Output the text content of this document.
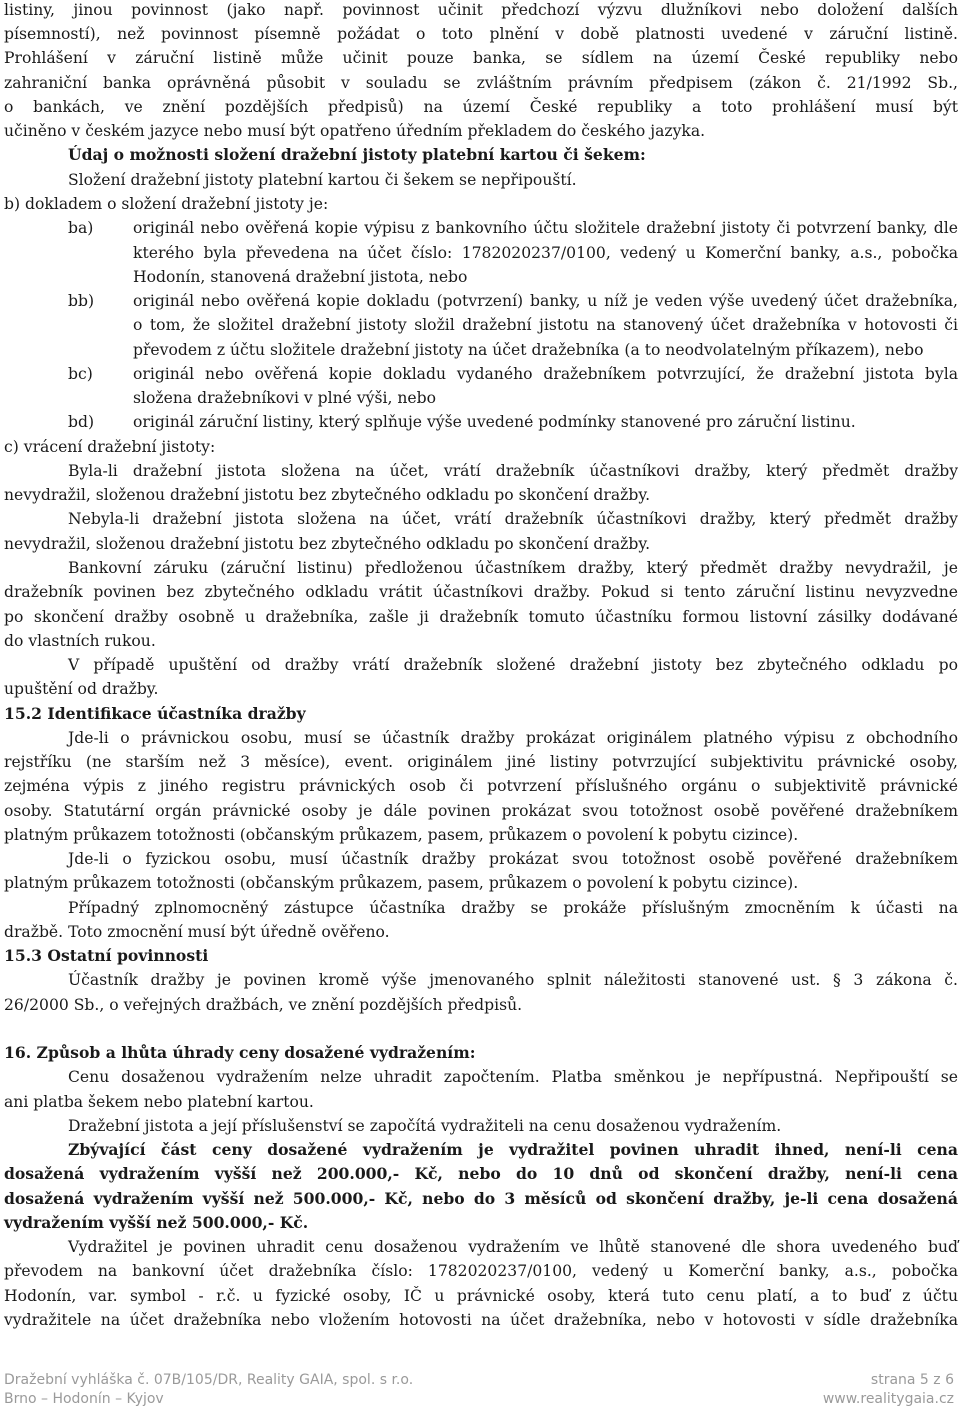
listiny, jinou povinnost (jako např. povinnost učinit předchozí výzvu dlužníkovi nebo doložení dalších
písemností), než povinnost písemně požádat o toto plnění v době platnosti uvedené v záruční listině.
Prohlášení v záruční listině může učinit pouze banka, se sídlem na území České republiky nebo
zahraniční banka oprávněná působit v souladu se zvláštním právním předpisem (zákon č. 21/1992 Sb.,
o bankách, ve znění pozdějších předpisů) na území České republiky a toto prohlášení musí být
učiněno v českém jazyce nebo musí být opatřeno úředním překladem do českého jazyka.
Údaj o možnosti složení dražební jistoty platební kartou či šekem:
Složení dražební jistoty platební kartou či šekem se nepřipouští.
b) dokladem o složení dražební jistoty je:
originál nebo ověřená kopie výpisu z bankovního účtu složitele dražební jistoty či potvrzení banky, dle
kterého byla převedena na účet číslo: 1782020237/0100, vedený u Komerční banky, a.s., pobočka
Hodonín, stanovená dražební jistota, nebo
originál nebo ověřená kopie dokladu (potvrzení) banky, u níž je veden výše uvedený účet dražebníka,
o tom, že složitel dražební jistoty složil dražební jistotu na stanovený účet dražebníka v hotovosti či
převodem z účtu složitele dražební jistoty na účet dražebníka (a to neodvolatelným příkazem), nebo
originál nebo ověřená kopie dokladu vydaného dražebníkem potvrzující, že dražební jistota byla
složena dražebníkovi v plné výši, nebo
originál záruční listiny, který splňuje výše uvedené podmínky stanovené pro záruční listinu.
c) vrácení dražební jistoty:
Byla-li dražební jistota složena na účet, vrátí dražebník účastníkovi dražby, který předmět dražby
nevydražil, složenou dražební jistotu bez zbytečného odkladu po skončení dražby.
Nebyla-li dražební jistota složena na účet, vrátí dražebník účastníkovi dražby, který předmět dražby
nevydražil, složenou dražební jistotu bez zbytečného odkladu po skončení dražby.
Bankovní záruku (záruční listinu) předloženou účastníkem dražby, který předmět dražby nevydražil, je
dražebník povinen bez zbytečného odkladu vrátit účastníkovi dražby. Pokud si tento záruční listinu nevyzvedne
po skončení dražby osobně u dražebníka, zašle ji dražebník tomuto účastníku formou listovní zásilky dodávané
do vlastních rukou.
V případě upuštění od dražby vrátí dražebník složené dražební jistoty bez zbytečného odkladu po
upuštění od dražby.
15.2 Identifikace účastníka dražby
Jde-li o právnickou osobu, musí se účastník dražby prokázat originálem platného výpisu z obchodního
rejstříku (ne starším než 3 měsíce), event. originálem jiné listiny potvrzující subjektivitu právnické osoby,
zejména výpis z jiného registru právnických osob či potvrzení příslušného orgánu o subjektivitě právnické
osoby. Statutární orgán právnické osoby je dále povinen prokázat svou totožnost osobě pověřené dražebníkem
platným průkazem totožnosti (občanským průkazem, pasem, průkazem o povolení k pobytu cizince).
Jde-li o fyzickou osobu, musí účastník dražby prokázat svou totožnost osobě pověřené dražebníkem
platným průkazem totožnosti (občanským průkazem, pasem, průkazem o povolení k pobytu cizince).
Případný zplnomocněný zástupce účastníka dražby se prokáže příslušným zmocněním k účasti na
dražbě. Toto zmocnění musí být úředně ověřeno.
15.3 Ostatní povinnosti
Účastník dražby je povinen kromě výše jmenovaného splnit náležitosti stanovené ust. § 3 zákona č.
26/2000 Sb., o veřejných dražbách, ve znění pozdějších předpisů.
16. Způsob a lhůta úhrady ceny dosažené vydražením:
Cenu dosaženou vydražením nelze uhradit započtením. Platba směnkou je nepřípustná. Nepřipouští se
ani platba šekem nebo platební kartou.
Dražební jistota a její příslušenství se započítá vydražiteli na cenu dosaženou vydražením.
Zbývající část ceny dosažené vydražením je vydražitel povinen uhradit ihned, není-li cena
dosažená vydražením vyšší než 200.000,- Kč, nebo do 10 dnů od skončení dražby, není-li cena
dosažená vydražením vyšší než 500.000,- Kč, nebo do 3 měsíců od skončení dražby, je-li cena dosažená
vydražením vyšší než 500.000,- Kč.
Vydražitel je povinen uhradit cenu dosaženou vydražením ve lhůtě stanovené dle shora uvedeného buď
převodem na bankovní účet dražebníka číslo: 1782020237/0100, vedený u Komerční banky, a.s., pobočka
Hodonín, var. symbol - r.č. u fyzické osoby, IČ u právnické osoby, která tuto cenu platí, a to buď z účtu
vydražitele na účet dražebníka nebo vložením hotovosti na účet dražebníka, nebo v hotovosti v sídle dražebníka
ba)
bb)
bc)
bd)
Dražební vyhláška č. 07B/105/DR, Reality GAIA, spol. s r.o.
Brno – Hodonín – Kyjov
strana 5 z 6
www.realitygaia.cz
